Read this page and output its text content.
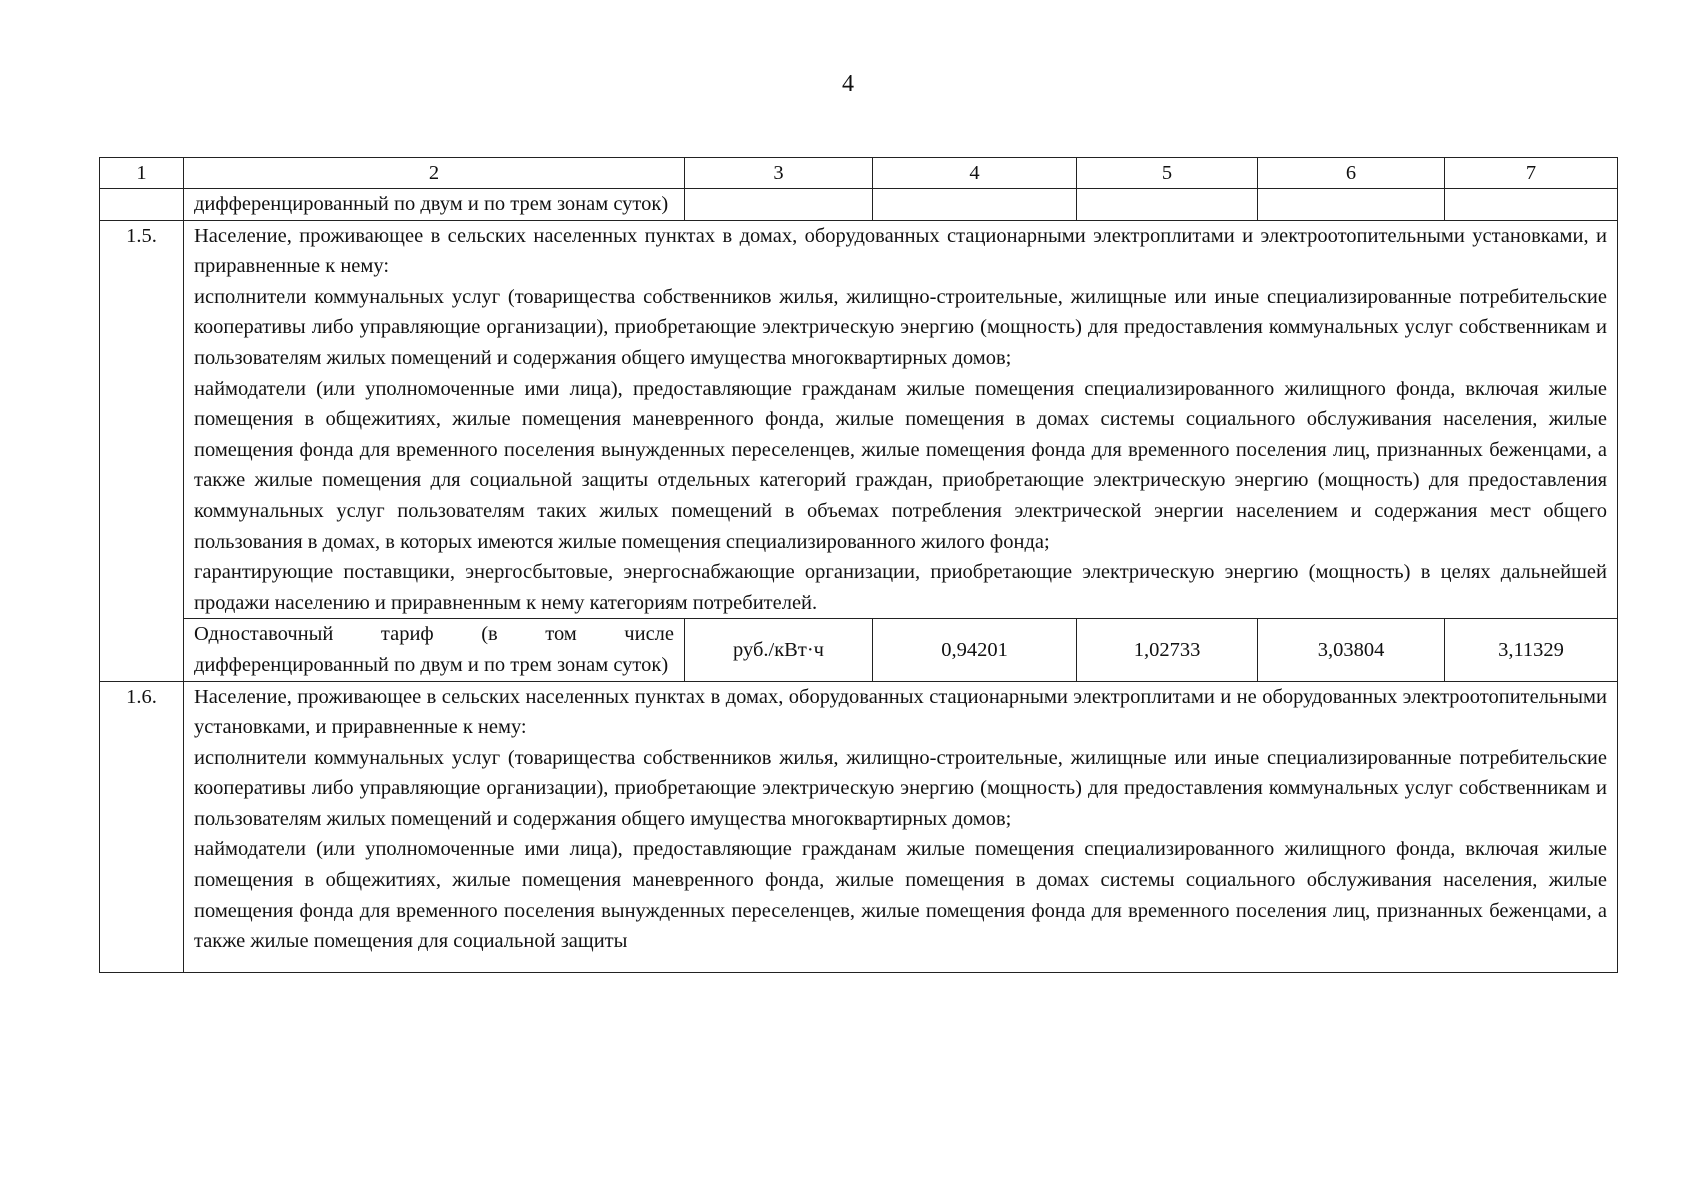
4
1	2	3	4	5	6	7
	дифференцированный по двум и по трем зонам суток)					
1.5.	Население, проживающее в сельских населенных пунктах в домах, оборудованных стационарными электроплитами и электроотопительными установками, и приравненные к нему:
исполнители коммунальных услуг (товарищества собственников жилья, жилищно-строительные, жилищные или иные специализированные потребительские кооперативы либо управляющие организации), приобретающие электрическую энергию (мощность) для предоставления коммунальных услуг собственникам и пользователям жилых помещений и содержания общего имущества многоквартирных домов;
наймодатели (или уполномоченные ими лица), предоставляющие гражданам жилые помещения специализированного жилищного фонда, включая жилые помещения в общежитиях, жилые помещения маневренного фонда, жилые помещения в домах системы социального обслуживания населения, жилые помещения фонда для временного поселения вынужденных переселенцев, жилые помещения фонда для временного поселения лиц, признанных беженцами, а также жилые помещения для социальной защиты отдельных категорий граждан, приобретающие электрическую энергию (мощность) для предоставления коммунальных услуг пользователям таких жилых помещений в объемах потребления электрической энергии населением и содержания мест общего пользования в домах, в которых имеются жилые помещения специализированного жилого фонда;
гарантирующие поставщики, энергосбытовые, энергоснабжающие организации, приобретающие электрическую энергию (мощность) в целях дальнейшей продажи населению и приравненным к нему категориям потребителей.					

	Одноставочный тариф (в том числе дифференцированный по двум и по трем зонам суток)	руб./кВт·ч	0,94201	1,02733	3,03804	3,11329

1.6.	Население, проживающее в сельских населенных пунктах в домах, оборудованных стационарными электроплитами и не оборудованных электроотопительными установками, и приравненные к нему:
исполнители коммунальных услуг (товарищества собственников жилья, жилищно-строительные, жилищные или иные специализированные потребительские кооперативы либо управляющие организации), приобретающие электрическую энергию (мощность) для предоставления коммунальных услуг собственникам и пользователям жилых помещений и содержания общего имущества многоквартирных домов;
наймодатели (или уполномоченные ими лица), предоставляющие гражданам жилые помещения специализированного жилищного фонда, включая жилые помещения в общежитиях, жилые помещения маневренного фонда, жилые помещения в домах системы социального обслуживания населения, жилые помещения фонда для временного поселения вынужденных переселенцев, жилые помещения фонда для временного поселения лиц, признанных беженцами, а также жилые помещения для социальной защиты					
